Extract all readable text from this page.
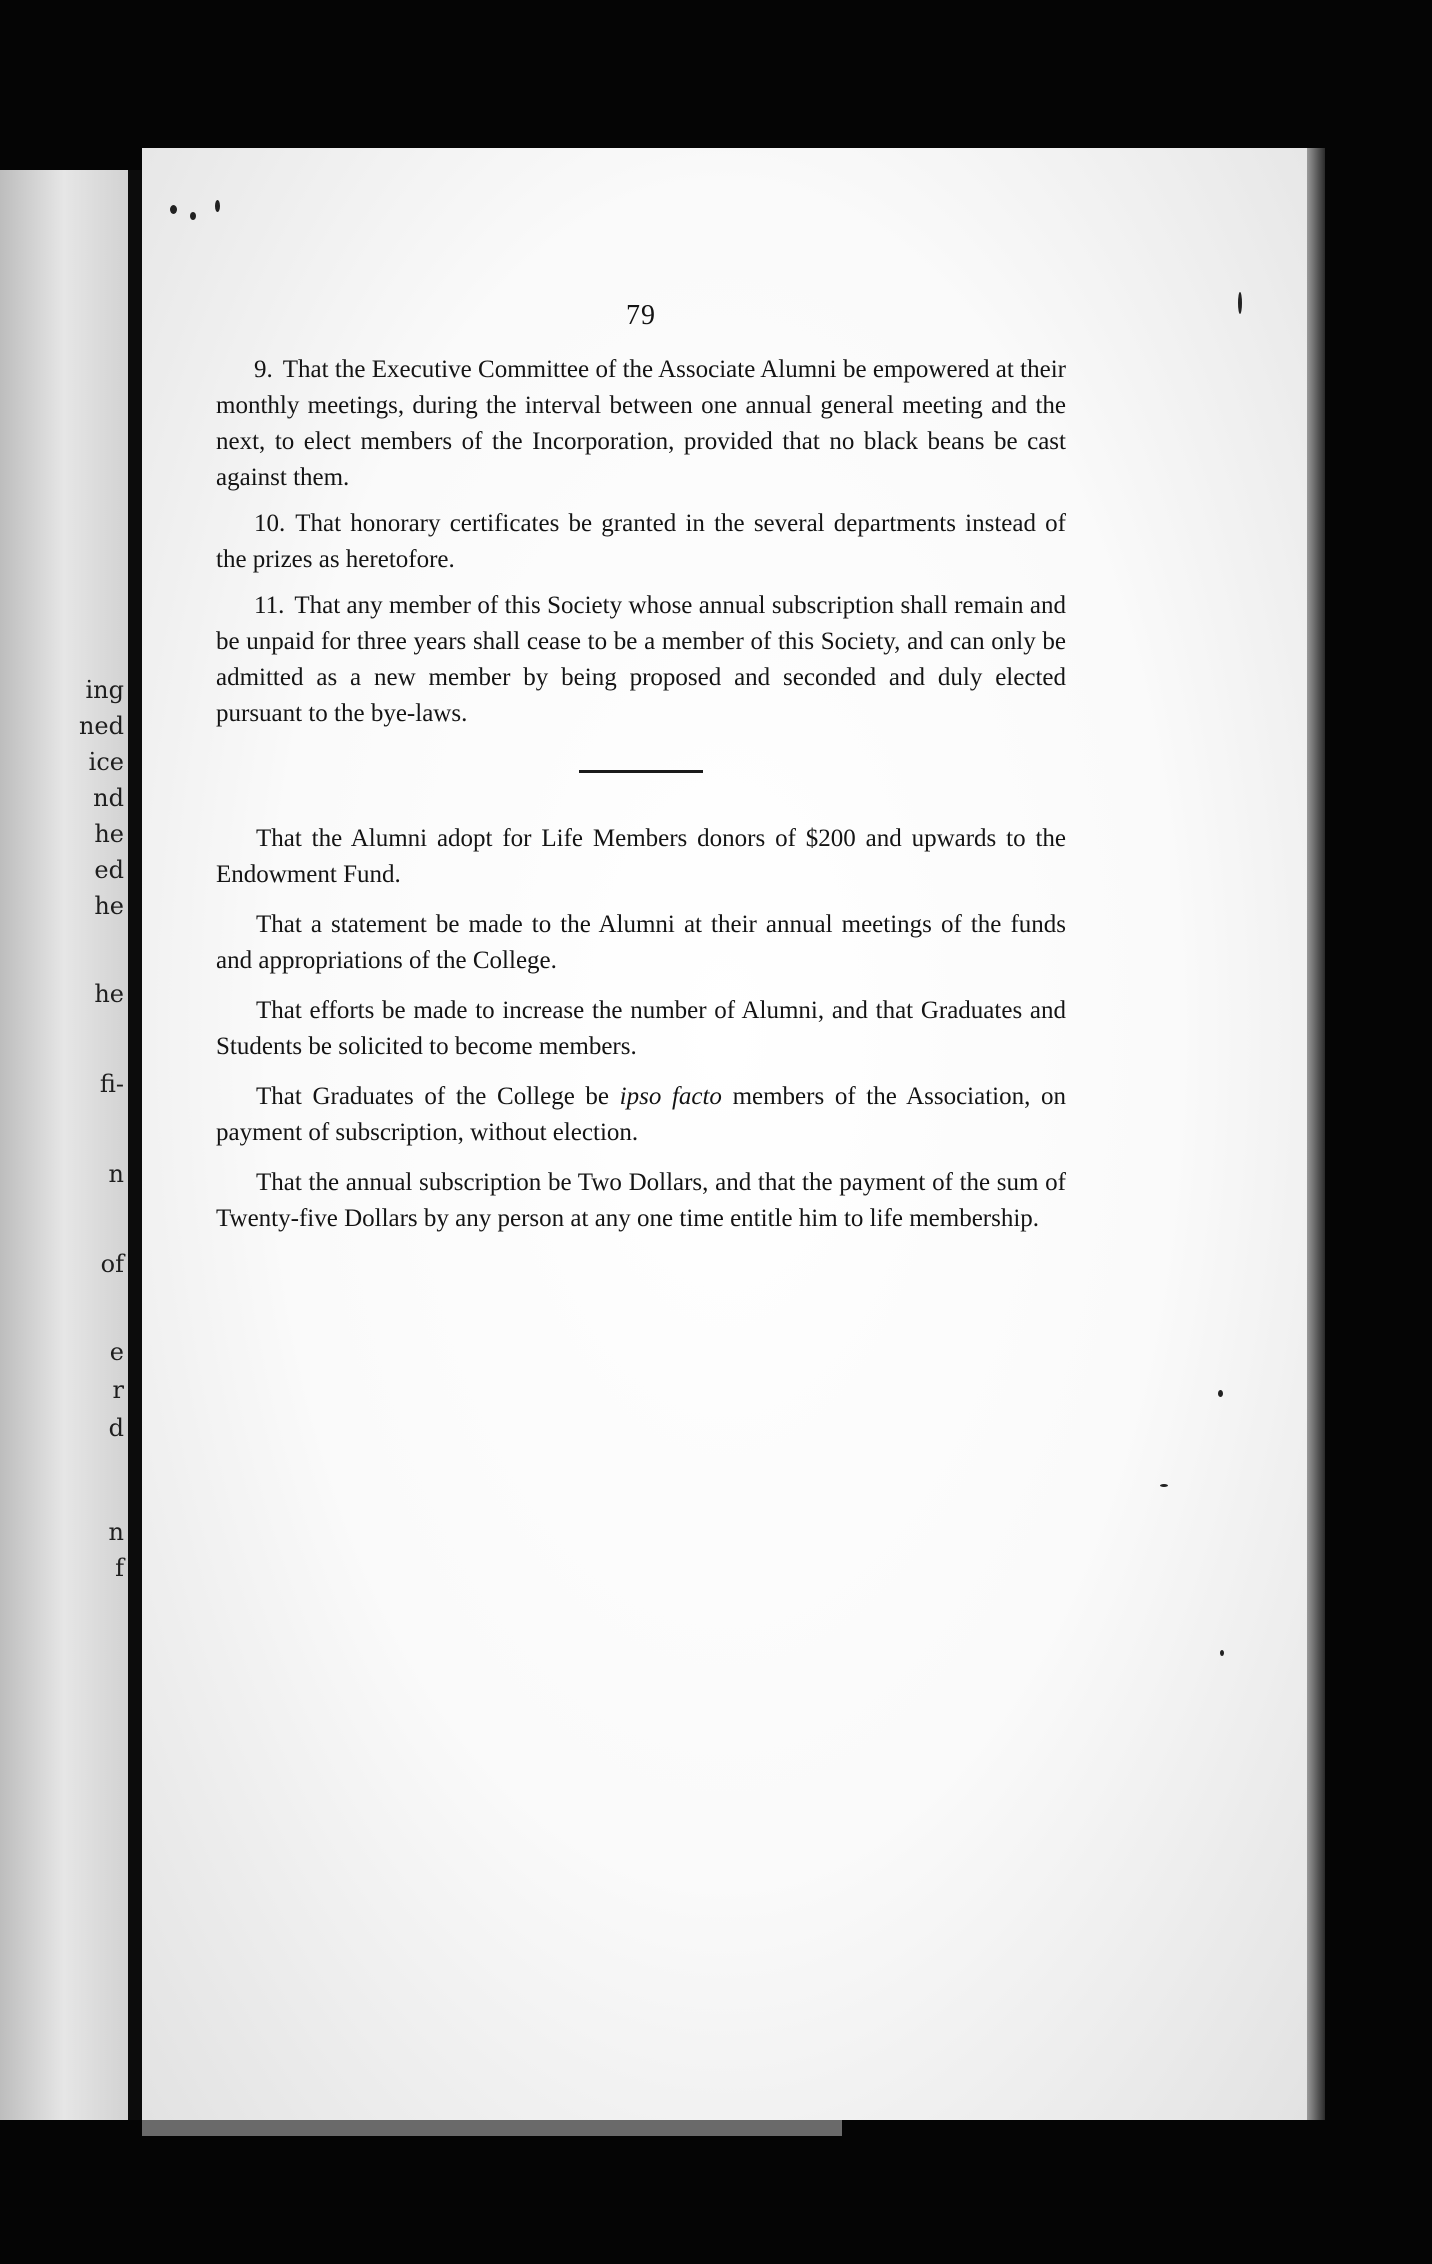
ing
ned
ice
nd
he
ed
he
he
fi-
n
of
e
r
d
n
f
79

9. That the Executive Committee of the Associate Alumni be empowered at their monthly meetings, during the interval between one annual general meeting and the next, to elect members of the Incorporation, provided that no black beans be cast against them.

10. That honorary certificates be granted in the several departments instead of the prizes as heretofore.

11. That any member of this Society whose annual subscription shall remain and be unpaid for three years shall cease to be a member of this Society, and can only be admitted as a new member by being proposed and seconded and duly elected pursuant to the bye-laws.

That the Alumni adopt for Life Members donors of $200 and upwards to the Endowment Fund.

That a statement be made to the Alumni at their annual meetings of the funds and appropriations of the College.

That efforts be made to increase the number of Alumni, and that Graduates and Students be solicited to become members.

That Graduates of the College be ipso facto members of the Association, on payment of subscription, without election.

That the annual subscription be Two Dollars, and that the payment of the sum of Twenty-five Dollars by any person at any one time entitle him to life membership.
